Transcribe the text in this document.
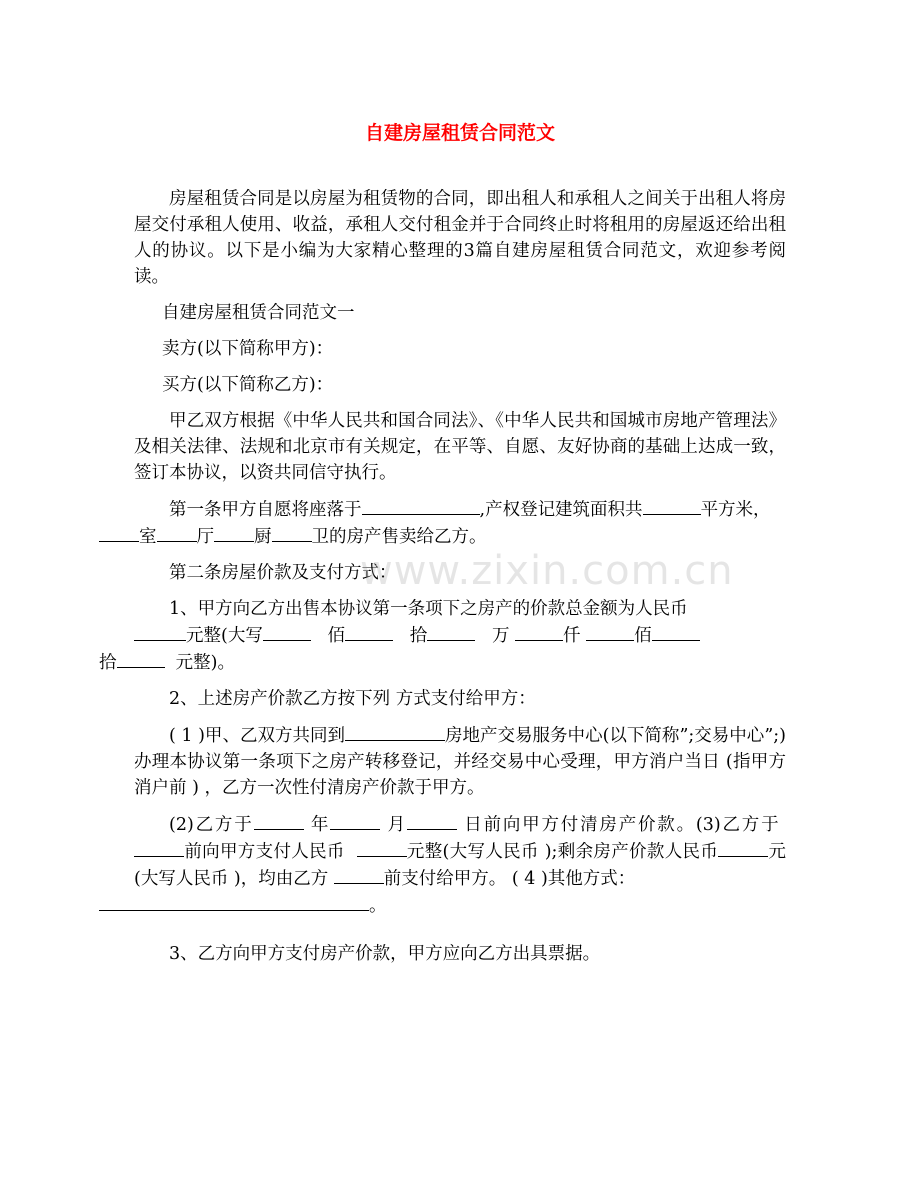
自建房屋租赁合同范文

房屋租赁合同是以房屋为租赁物的合同，即出租人和承租人之间关于出租人将房屋交付承租人使用、收益，承租人交付租金并于合同终止时将租用的房屋返还给出租人的协议。以下是小编为大家精心整理的3篇自建房屋租赁合同范文，欢迎参考阅读。

自建房屋租赁合同范文一

卖方(以下简称甲方)：

买方(以下简称乙方)：

甲乙双方根据《中华人民共和国合同法》、《中华人民共和国城市房地产管理法》及相关法律、法规和北京市有关规定，在平等、自愿、友好协商的基础上达成一致，签订本协议，以资共同信守执行。

第一条甲方自愿将座落于	,产权登记建筑面积共	平方米，
室 厅 厨 卫的房产售卖给乙方。

第二条房屋价款及支付方式：

1、甲方向乙方出售本协议第一条项下之房产的价款总金额为人民币
元整(大写	佰	拾	万	仟	佰
拾	元整)。

2、上述房产价款乙方按下列 方式支付给甲方：

( 1 )甲、乙双方共同到	房地产交易服务中心(以下简称”;交易中心”;)办理本协议第一条项下之房产转移登记，并经交易中心受理，甲方消户当日 (指甲方消户前 ) ，乙方一次性付清房产价款于甲方。

(2)乙方于	年	月	日前向甲方付清房产价款。(3)乙方于 前向甲方支付人民币	元整(大写人民币 );剩余房产价款人民币	元(大写人民币 )，均由乙方	前支付给甲方。 ( 4 )其他方式：
。

3、乙方向甲方支付房产价款，甲方应向乙方出具票据。

www.zixin.com.cn
